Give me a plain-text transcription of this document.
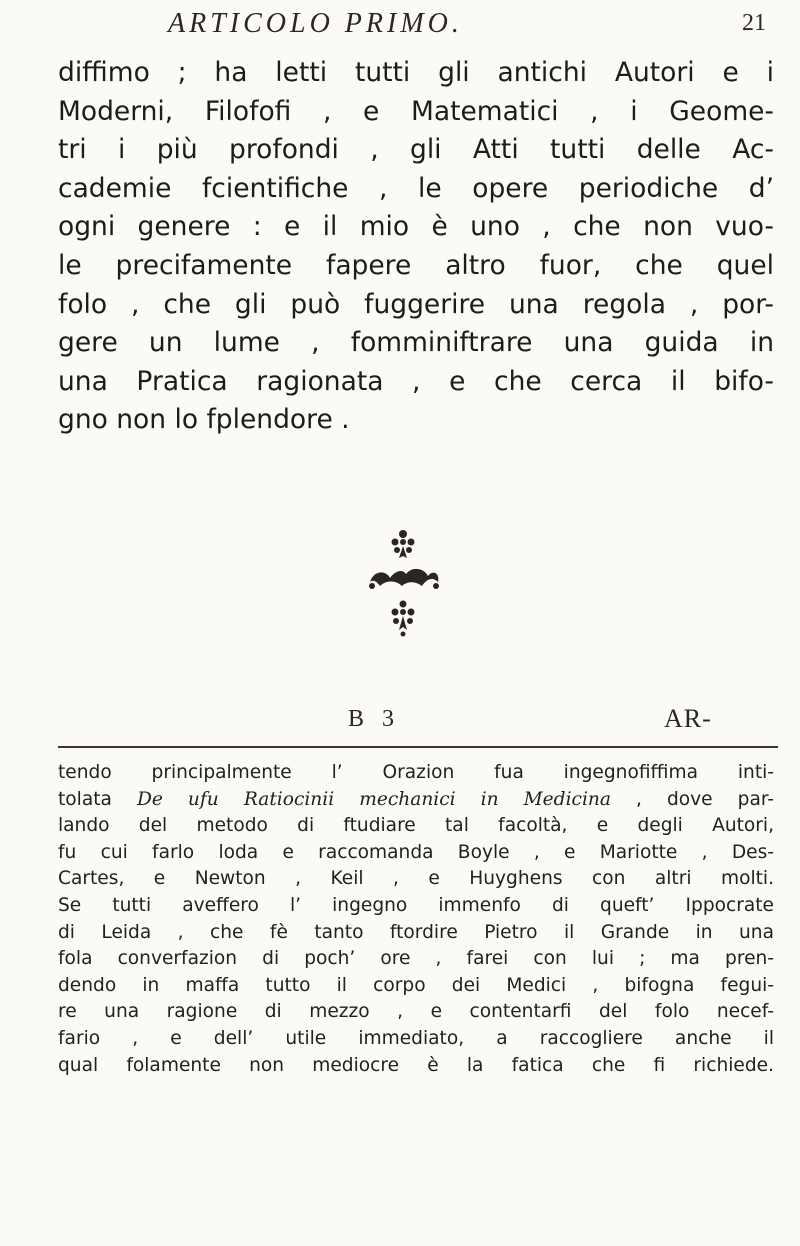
ARTICOLO PRIMO.	21
diffimo ; ha letti tutti gli antichi Autori e i
Moderni, Filofofi , e Matematici , i Geome-
tri i più profondi , gli Atti tutti delle Ac-
cademie fcientifiche , le opere periodiche d’
ogni genere : e il mio è uno , che non vuo-
le precifamente fapere altro fuor, che quel
folo , che gli può fuggerire una regola , por-
gere un lume , fomminiftrare una guida in
una Pratica ragionata , e che cerca il bifo-
gno non lo fplendore .
B 3	AR-
tendo principalmente l’ Orazion fua ingegnofiffima inti-
tolata De ufu Ratiocinii mechanici in Medicina , dove par-
lando del metodo di ftudiare tal facoltà, e degli Autori,
fu cui farlo loda e raccomanda Boyle , e Mariotte , Des-
Cartes, e Newton , Keil , e Huyghens con altri molti.
Se tutti aveffero l’ ingegno immenfo di queft’ Ippocrate
di Leida , che fè tanto ftordire Pietro il Grande in una
fola converfazion di poch’ ore , farei con lui ; ma pren-
dendo in maffa tutto il corpo dei Medici , bifogna fegui-
re una ragione di mezzo , e contentarfi del folo necef-
fario , e dell’ utile immediato, a raccogliere anche il
qual folamente non mediocre è la fatica che fi richiede.
